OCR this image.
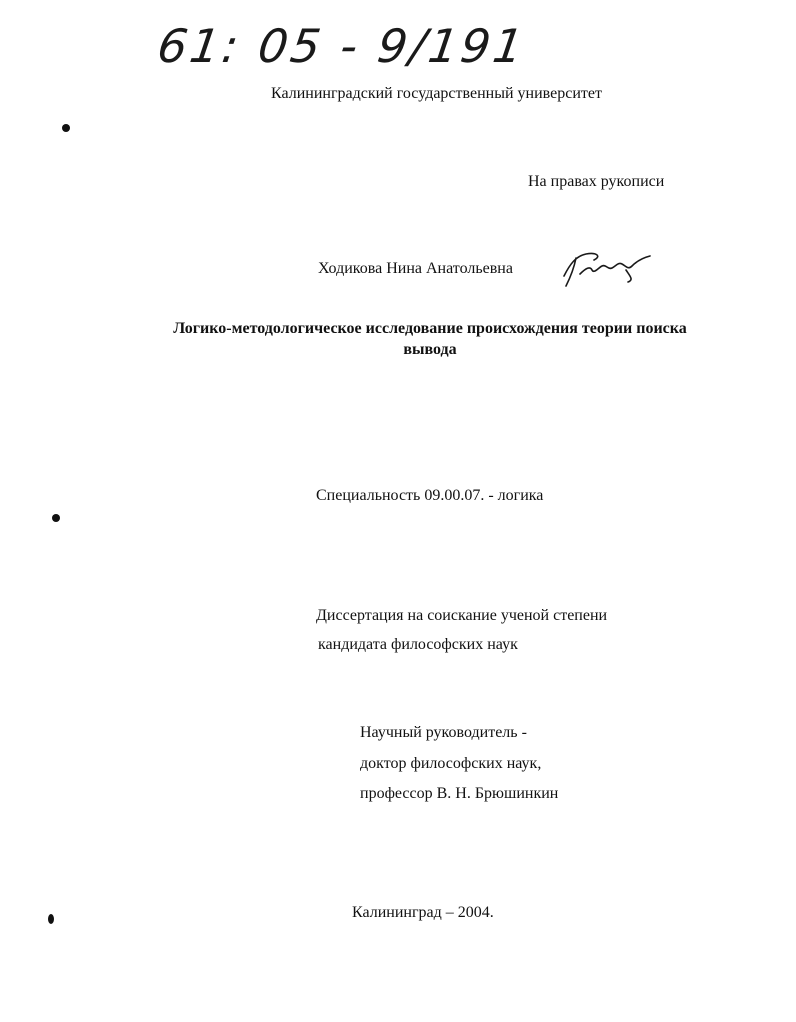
61: 05 - 9/191
Калининградский государственный университет
На правах рукописи
Ходикова Нина Анатольевна
Логико-методологическое исследование происхождения теории поиска
вывода
Специальность 09.00.07. - логика
Диссертация на соискание ученой степени
кандидата философских наук
Научный руководитель -
доктор философских наук,
профессор В. Н. Брюшинкин
Калининград – 2004.
